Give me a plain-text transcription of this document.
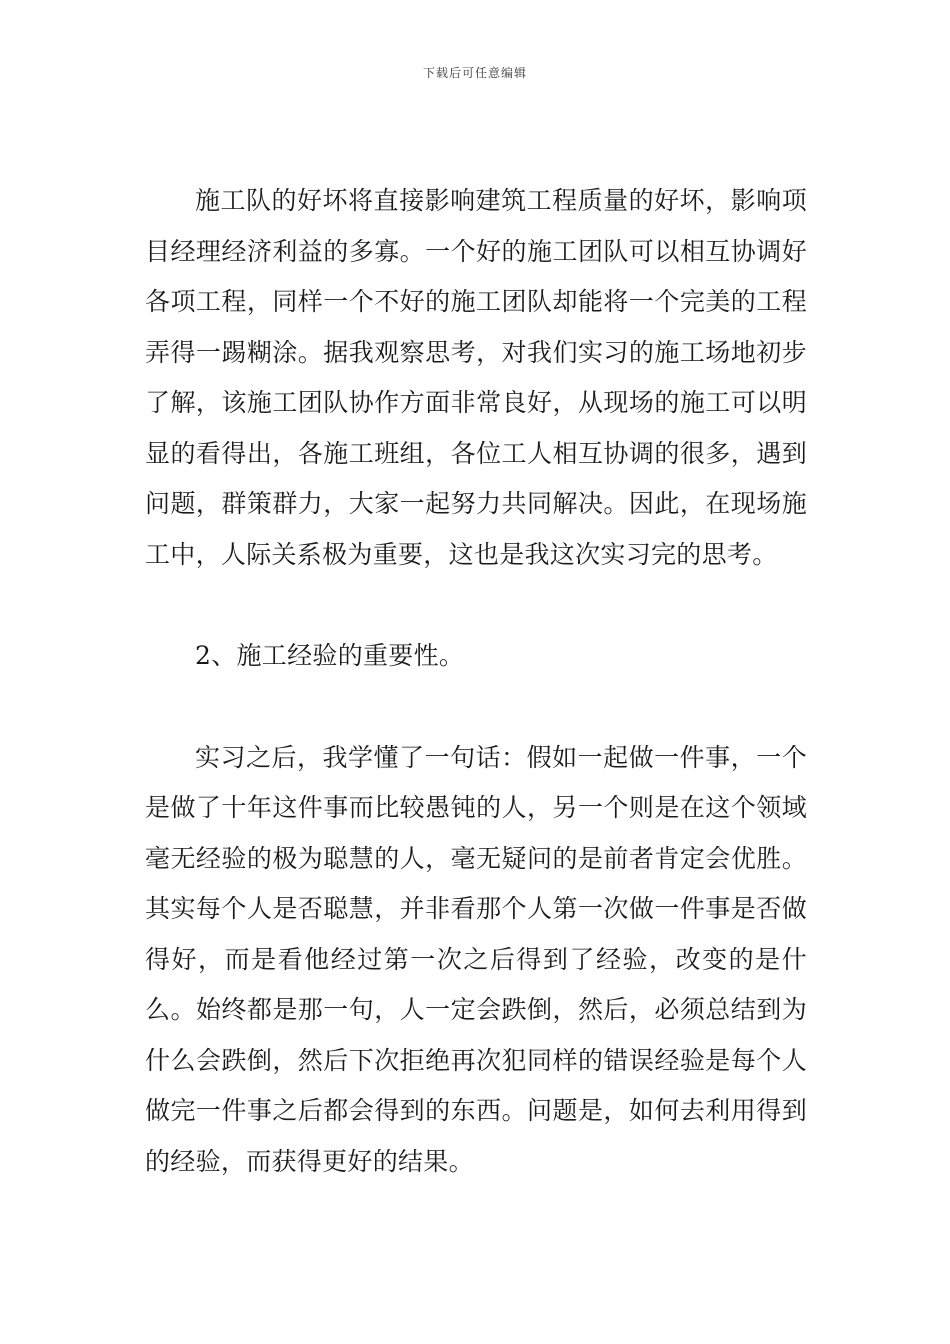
下载后可任意编辑

施工队的好坏将直接影响建筑工程质量的好坏，影响项目经理经济利益的多寡。一个好的施工团队可以相互协调好各项工程，同样一个不好的施工团队却能将一个完美的工程弄得一踢糊涂。据我观察思考，对我们实习的施工场地初步了解，该施工团队协作方面非常良好，从现场的施工可以明显的看得出，各施工班组，各位工人相互协调的很多，遇到问题，群策群力，大家一起努力共同解决。因此，在现场施工中，人际关系极为重要，这也是我这次实习完的思考。

2、施工经验的重要性。

实习之后，我学懂了一句话：假如一起做一件事，一个是做了十年这件事而比较愚钝的人，另一个则是在这个领域毫无经验的极为聪慧的人，毫无疑问的是前者肯定会优胜。其实每个人是否聪慧，并非看那个人第一次做一件事是否做得好，而是看他经过第一次之后得到了经验，改变的是什么。始终都是那一句，人一定会跌倒，然后，必须总结到为什么会跌倒，然后下次拒绝再次犯同样的错误经验是每个人做完一件事之后都会得到的东西。问题是，如何去利用得到的经验，而获得更好的结果。
